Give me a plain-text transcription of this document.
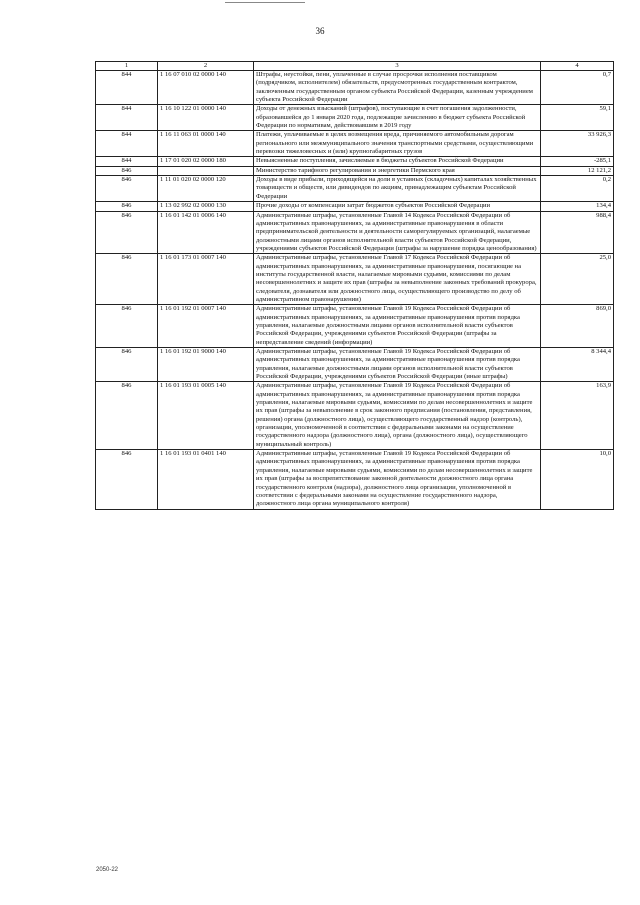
36
1	2	3	4
844	1 16 07 010 02 0000 140	Штрафы, неустойки, пени, уплаченные в случае просрочки исполнения поставщиком (подрядчиком, исполнителем) обязательств, предусмотренных государственным контрактом, заключенным государственным органом субъекта Российской Федерации, казенным учреждением субъекта Российской Федерации	0,7
844	1 16 10 122 01 0000 140	Доходы от денежных взысканий (штрафов), поступающие в счет погашения задолженности, образовавшейся до 1 января 2020 года, подлежащие зачислению в бюджет субъекта Российской Федерации по нормативам, действовавшим в 2019 году	59,1
844	1 16 11 063 01 0000 140	Платежи, уплачиваемые в целях возмещения вреда, причиняемого автомобильным дорогам регионального или межмуниципального значения транспортными средствами, осуществляющими перевозки тяжеловесных и (или) крупногабаритных грузов	33 926,3
844	1 17 01 020 02 0000 180	Невыясненные поступления, зачисляемые в бюджеты субъектов Российской Федерации	-285,1
846		Министерство тарифного регулирования и энергетики Пермского края	12 121,2
846	1 11 01 020 02 0000 120	Доходы в виде прибыли, приходящейся на доли в уставных (складочных) капиталах хозяйственных товариществ и обществ, или дивидендов по акциям, принадлежащим субъектам Российской Федерации	0,2
846	1 13 02 992 02 0000 130	Прочие доходы от компенсации затрат бюджетов субъектов Российской Федерации	134,4
846	1 16 01 142 01 0006 140	Административные штрафы, установленные Главой 14 Кодекса Российской Федерации об административных правонарушениях, за административные правонарушения в области предпринимательской деятельности и деятельности саморегулируемых организаций, налагаемые должностными лицами органов исполнительной власти субъектов Российской Федерации, учреждениями субъектов Российской Федерации (штрафы за нарушение порядка ценообразования)	988,4
846	1 16 01 173 01 0007 140	Административные штрафы, установленные Главой 17 Кодекса Российской Федерации об административных правонарушениях, за административные правонарушения, посягающие на институты государственной власти, налагаемые мировыми судьями, комиссиями по делам несовершеннолетних и защите их прав (штрафы за невыполнение законных требований прокурора, следователя, дознавателя или должностного лица, осуществляющего производство по делу об административном правонарушении)	25,0
846	1 16 01 192 01 0007 140	Административные штрафы, установленные Главой 19 Кодекса Российской Федерации об административных правонарушениях, за административные правонарушения против порядка управления, налагаемые должностными лицами органов исполнительной власти субъектов Российской Федерации, учреждениями субъектов Российской Федерации (штрафы за непредставление сведений (информации)	869,0
846	1 16 01 192 01 9000 140	Административные штрафы, установленные Главой 19 Кодекса Российской Федерации об административных правонарушениях, за административные правонарушения против порядка управления, налагаемые должностными лицами органов исполнительной власти субъектов Российской Федерации, учреждениями субъектов Российской Федерации (иные штрафы)	8 344,4
846	1 16 01 193 01 0005 140	Административные штрафы, установленные Главой 19 Кодекса Российской Федерации об административных правонарушениях, за административные правонарушения против порядка управления, налагаемые мировыми судьями, комиссиями по делам несовершеннолетних и защите их прав (штрафы за невыполнение в срок законного предписания (постановления, представления, решения) органа (должностного лица), осуществляющего государственный надзор (контроль), организации, уполномоченной в соответствии с федеральными законами на осуществление государственного надзора (должностного лица), органа (должностного лица), осуществляющего муниципальный контроль)	163,9
846	1 16 01 193 01 0401 140	Административные штрафы, установленные Главой 19 Кодекса Российской Федерации об административных правонарушениях, за административные правонарушения против порядка управления, налагаемые мировыми судьями, комиссиями по делам несовершеннолетних и защите их прав (штрафы за воспрепятствование законной деятельности должностного лица органа государственного контроля (надзора), должностного лица организации, уполномоченной в соответствии с федеральными законами на осуществление государственного надзора, должностного лица органа муниципального контроля)	10,0
2050-22
